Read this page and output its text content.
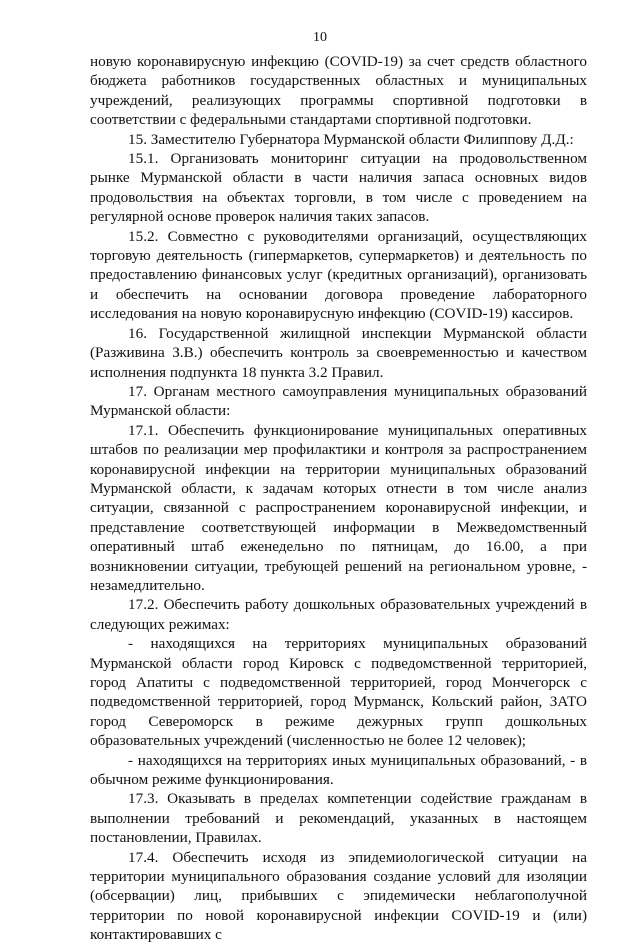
10

новую коронавирусную инфекцию (COVID-19) за счет средств областного бюджета работников государственных областных и муниципальных учреждений, реализующих программы спортивной подготовки в соответствии с федеральными стандартами спортивной подготовки.

15. Заместителю Губернатора Мурманской области Филиппову Д.Д.:

15.1. Организовать мониторинг ситуации на продовольственном рынке Мурманской области в части наличия запаса основных видов продовольствия на объектах торговли, в том числе с проведением на регулярной основе проверок наличия таких запасов.

15.2. Совместно с руководителями организаций, осуществляющих торговую деятельность (гипермаркетов, супермаркетов) и деятельность по предоставлению финансовых услуг (кредитных организаций), организовать и обеспечить на основании договора проведение лабораторного исследования на новую коронавирусную инфекцию (COVID-19) кассиров.

16. Государственной жилищной инспекции Мурманской области (Разживина З.В.) обеспечить контроль за своевременностью и качеством исполнения подпункта 18 пункта 3.2 Правил.

17. Органам местного самоуправления муниципальных образований Мурманской области:

17.1. Обеспечить функционирование муниципальных оперативных штабов по реализации мер профилактики и контроля за распространением коронавирусной инфекции на территории муниципальных образований Мурманской области, к задачам которых отнести в том числе анализ ситуации, связанной с распространением коронавирусной инфекции, и представление соответствующей информации в Межведомственный оперативный штаб еженедельно по пятницам, до 16.00, а при возникновении ситуации, требующей решений на региональном уровне, - незамедлительно.

17.2. Обеспечить работу дошкольных образовательных учреждений в следующих режимах:

- находящихся на территориях муниципальных образований Мурманской области город Кировск с подведомственной территорией, город Апатиты с подведомственной территорией, город Мончегорск с подведомственной территорией, город Мурманск, Кольский район, ЗАТО город Североморск в режиме дежурных групп дошкольных образовательных учреждений (численностью не более 12 человек);

- находящихся на территориях иных муниципальных образований, - в обычном режиме функционирования.

17.3. Оказывать в пределах компетенции содействие гражданам в выполнении требований и рекомендаций, указанных в настоящем постановлении, Правилах.

17.4. Обеспечить исходя из эпидемиологической ситуации на территории муниципального образования создание условий для изоляции (обсервации) лиц, прибывших с эпидемически неблагополучной территории по новой коронавирусной инфекции COVID-19 и (или) контактировавших с
